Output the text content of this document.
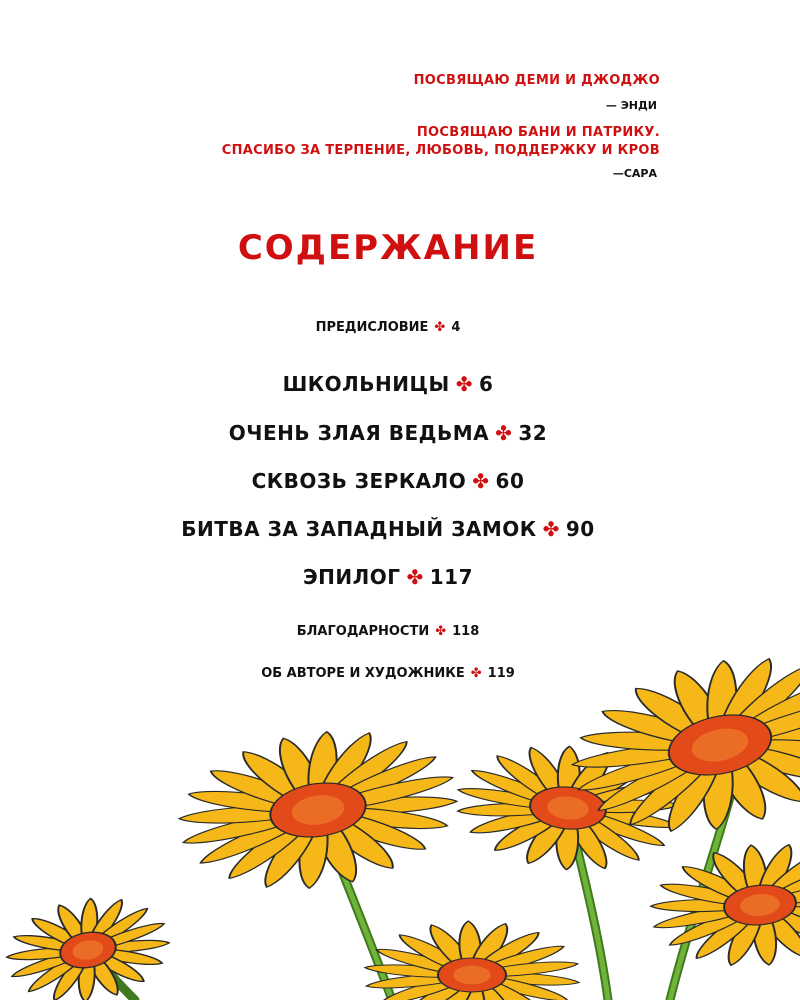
ПОСВЯЩАЮ ДЕМИ И ДЖОДЖО
— ЭНДИ
ПОСВЯЩАЮ БАНИ И ПАТРИКУ.
СПАСИБО ЗА ТЕРПЕНИЕ, ЛЮБОВЬ, ПОДДЕРЖКУ И КРОВ
—САРА
СОДЕРЖАНИЕ
ПРЕДИСЛОВИЕ ✤ 4
ШКОЛЬНИЦЫ ✤ 6
ОЧЕНЬ ЗЛАЯ ВЕДЬМА ✤ 32
СКВОЗЬ ЗЕРКАЛО ✤ 60
БИТВА ЗА ЗАПАДНЫЙ ЗАМОК ✤ 90
ЭПИЛОГ ✤ 117
БЛАГОДАРНОСТИ ✤ 118
ОБ АВТОРЕ И ХУДОЖНИКЕ ✤ 119
